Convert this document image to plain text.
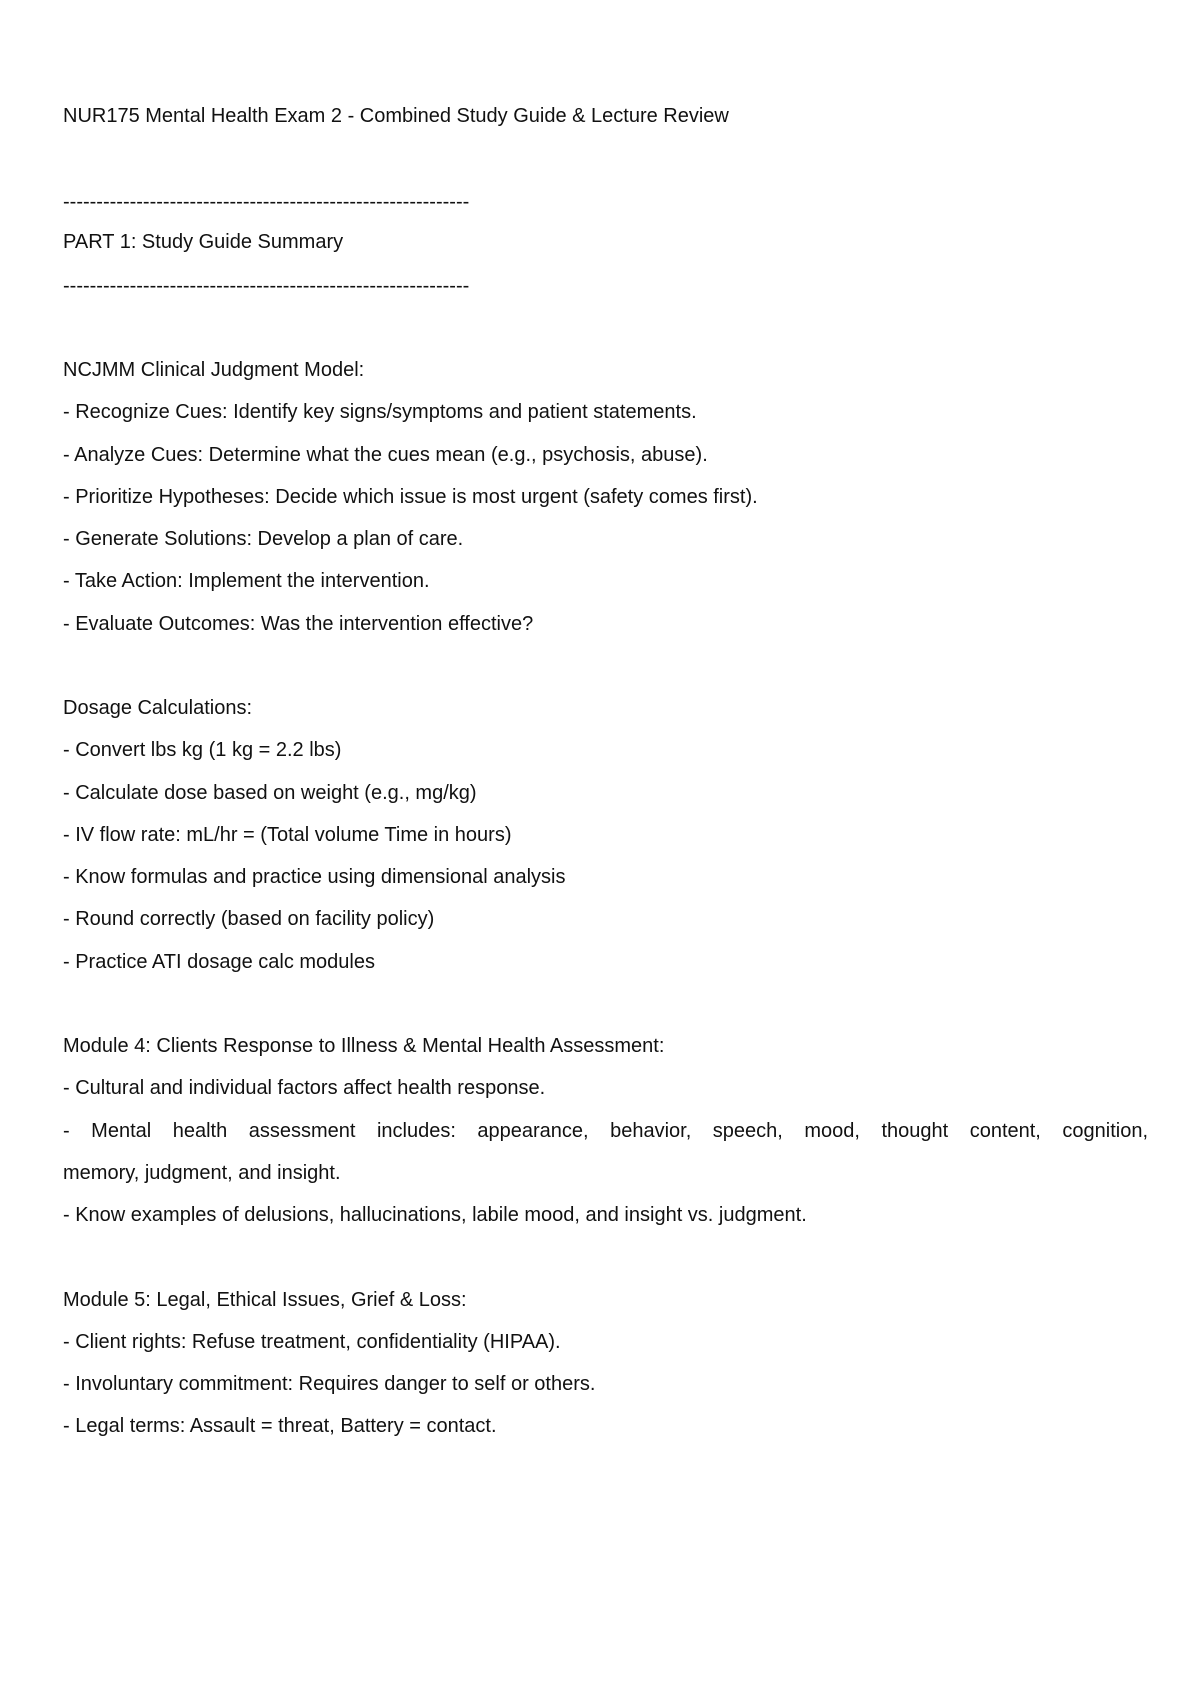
NUR175 Mental Health Exam 2 - Combined Study Guide & Lecture Review
-------------------------------------------------------------
PART 1: Study Guide Summary
-------------------------------------------------------------
NCJMM Clinical Judgment Model:
- Recognize Cues: Identify key signs/symptoms and patient statements.
- Analyze Cues: Determine what the cues mean (e.g., psychosis, abuse).
- Prioritize Hypotheses: Decide which issue is most urgent (safety comes first).
- Generate Solutions: Develop a plan of care.
- Take Action: Implement the intervention.
- Evaluate Outcomes: Was the intervention effective?
Dosage Calculations:
- Convert lbs kg (1 kg = 2.2 lbs)
- Calculate dose based on weight (e.g., mg/kg)
- IV flow rate: mL/hr = (Total volume Time in hours)
- Know formulas and practice using dimensional analysis
- Round correctly (based on facility policy)
- Practice ATI dosage calc modules
Module 4: Clients Response to Illness & Mental Health Assessment:
- Cultural and individual factors affect health response.
- Mental health assessment includes: appearance, behavior, speech, mood, thought content, cognition,
memory, judgment, and insight.
- Know examples of delusions, hallucinations, labile mood, and insight vs. judgment.
Module 5: Legal, Ethical Issues, Grief & Loss:
- Client rights: Refuse treatment, confidentiality (HIPAA).
- Involuntary commitment: Requires danger to self or others.
- Legal terms: Assault = threat, Battery = contact.
